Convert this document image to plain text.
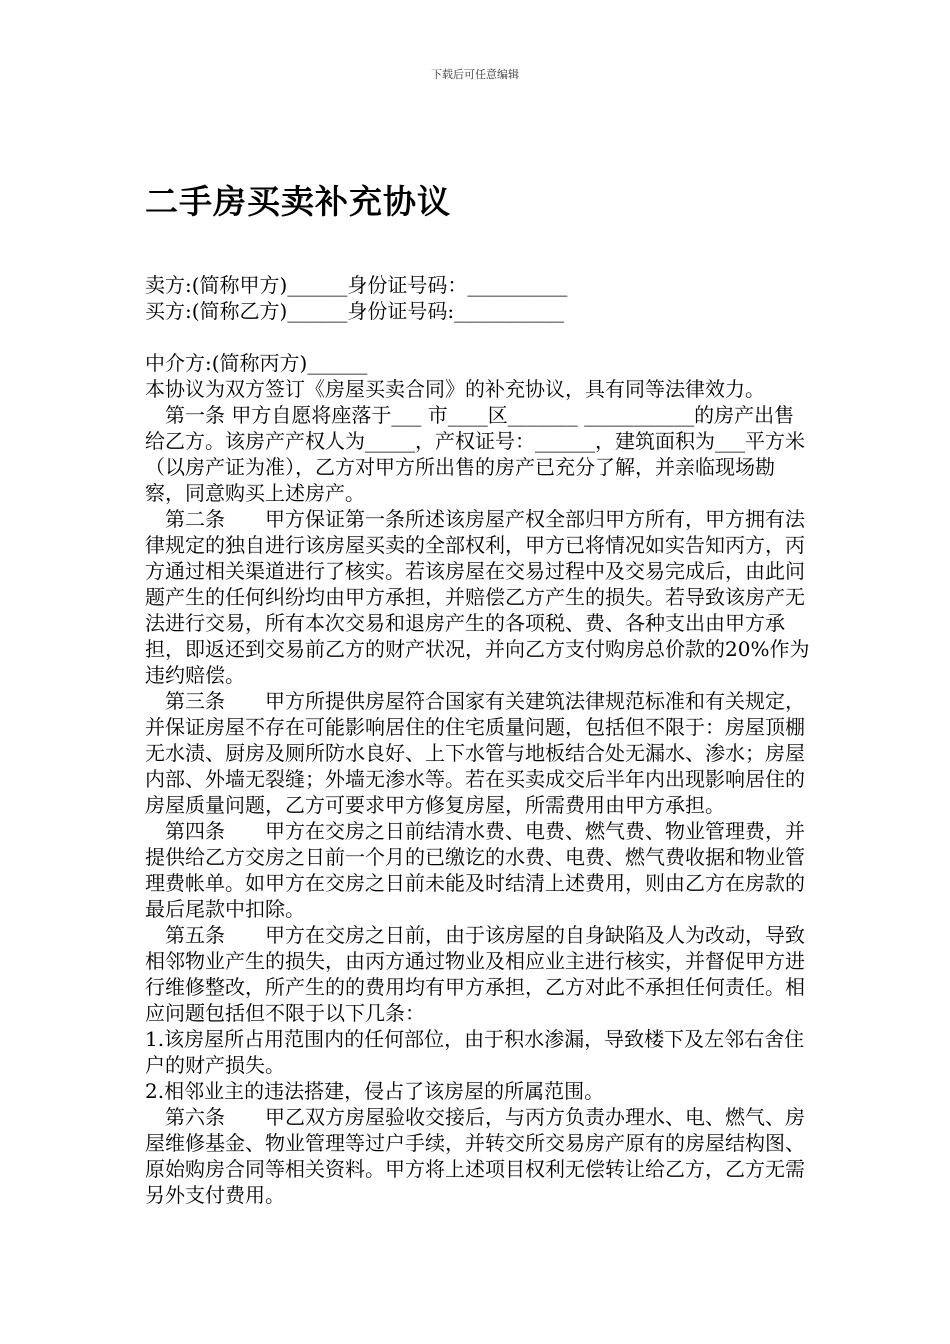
下载后可任意编辑
二手房买卖补充协议

卖方:(简称甲方)______身份证号码：__________

买方:(简称乙方)______身份证号码:___________

中介方:(简称丙方)______

本协议为双方签订《房屋买卖合同》的补充协议，具有同等法律效力。

　第一条 甲方自愿将座落于___ 市____区_______ ___________的房产出售给乙方。该房产产权人为_____，产权证号：______，建筑面积为___平方米（以房产证为准），乙方对甲方所出售的房产已充分了解，并亲临现场勘察，同意购买上述房产。

　第二条　　甲方保证第一条所述该房屋产权全部归甲方所有，甲方拥有法律规定的独自进行该房屋买卖的全部权利，甲方已将情况如实告知丙方，丙方通过相关渠道进行了核实。若该房屋在交易过程中及交易完成后，由此问题产生的任何纠纷均由甲方承担，并赔偿乙方产生的损失。若导致该房产无法进行交易，所有本次交易和退房产生的各项税、费、各种支出由甲方承担，即返还到交易前乙方的财产状况，并向乙方支付购房总价款的20%作为违约赔偿。

　第三条　　甲方所提供房屋符合国家有关建筑法律规范标准和有关规定，并保证房屋不存在可能影响居住的住宅质量问题，包括但不限于：房屋顶棚无水渍、厨房及厕所防水良好、上下水管与地板结合处无漏水、渗水；房屋内部、外墙无裂缝；外墙无渗水等。若在买卖成交后半年内出现影响居住的房屋质量问题，乙方可要求甲方修复房屋，所需费用由甲方承担。

　第四条　　甲方在交房之日前结清水费、电费、燃气费、物业管理费，并提供给乙方交房之日前一个月的已缴讫的水费、电费、燃气费收据和物业管理费帐单。如甲方在交房之日前未能及时结清上述费用，则由乙方在房款的最后尾款中扣除。

　第五条　　甲方在交房之日前，由于该房屋的自身缺陷及人为改动，导致相邻物业产生的损失，由丙方通过物业及相应业主进行核实，并督促甲方进行维修整改，所产生的的费用均有甲方承担，乙方对此不承担任何责任。相应问题包括但不限于以下几条：

1.该房屋所占用范围内的任何部位，由于积水渗漏，导致楼下及左邻右舍住户的财产损失。

2.相邻业主的违法搭建，侵占了该房屋的所属范围。

　第六条　　甲乙双方房屋验收交接后，与丙方负责办理水、电、燃气、房屋维修基金、物业管理等过户手续，并转交所交易房产原有的房屋结构图、原始购房合同等相关资料。甲方将上述项目权利无偿转让给乙方，乙方无需另外支付费用。
